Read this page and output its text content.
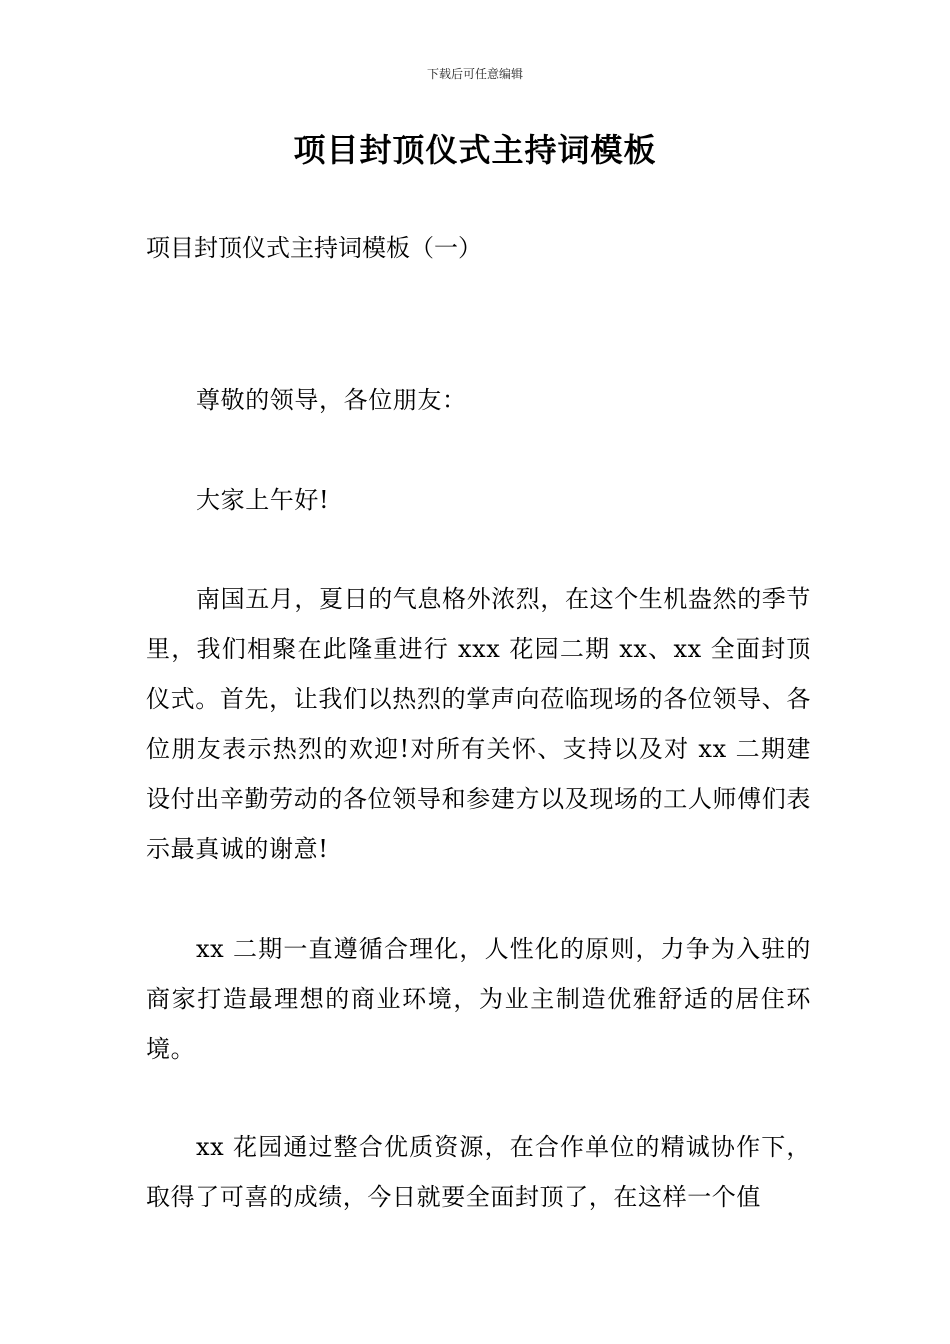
下载后可任意编辑
项目封顶仪式主持词模板
项目封顶仪式主持词模板（一）

尊敬的领导，各位朋友：

大家上午好!

南国五月，夏日的气息格外浓烈，在这个生机盎然的季节里，我们相聚在此隆重进行 xxx 花园二期 xx、xx 全面封顶仪式。首先，让我们以热烈的掌声向莅临现场的各位领导、各位朋友表示热烈的欢迎!对所有关怀、支持以及对 xx 二期建设付出辛勤劳动的各位领导和参建方以及现场的工人师傅们表示最真诚的谢意!

xx 二期一直遵循合理化，人性化的原则，力争为入驻的商家打造最理想的商业环境，为业主制造优雅舒适的居住环境。

xx 花园通过整合优质资源，在合作单位的精诚协作下，取得了可喜的成绩，今日就要全面封顶了，在这样一个值
